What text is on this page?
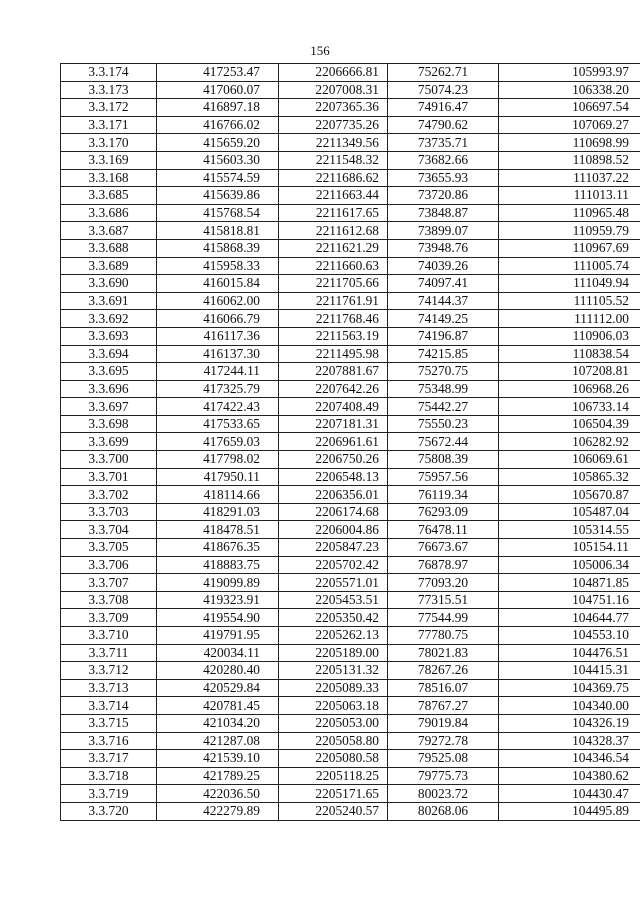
156
3.3.174	417253.47	2206666.81	75262.71	105993.97
3.3.173	417060.07	2207008.31	75074.23	106338.20
3.3.172	416897.18	2207365.36	74916.47	106697.54
3.3.171	416766.02	2207735.26	74790.62	107069.27
3.3.170	415659.20	2211349.56	73735.71	110698.99
3.3.169	415603.30	2211548.32	73682.66	110898.52
3.3.168	415574.59	2211686.62	73655.93	111037.22
3.3.685	415639.86	2211663.44	73720.86	111013.11
3.3.686	415768.54	2211617.65	73848.87	110965.48
3.3.687	415818.81	2211612.68	73899.07	110959.79
3.3.688	415868.39	2211621.29	73948.76	110967.69
3.3.689	415958.33	2211660.63	74039.26	111005.74
3.3.690	416015.84	2211705.66	74097.41	111049.94
3.3.691	416062.00	2211761.91	74144.37	111105.52
3.3.692	416066.79	2211768.46	74149.25	111112.00
3.3.693	416117.36	2211563.19	74196.87	110906.03
3.3.694	416137.30	2211495.98	74215.85	110838.54
3.3.695	417244.11	2207881.67	75270.75	107208.81
3.3.696	417325.79	2207642.26	75348.99	106968.26
3.3.697	417422.43	2207408.49	75442.27	106733.14
3.3.698	417533.65	2207181.31	75550.23	106504.39
3.3.699	417659.03	2206961.61	75672.44	106282.92
3.3.700	417798.02	2206750.26	75808.39	106069.61
3.3.701	417950.11	2206548.13	75957.56	105865.32
3.3.702	418114.66	2206356.01	76119.34	105670.87
3.3.703	418291.03	2206174.68	76293.09	105487.04
3.3.704	418478.51	2206004.86	76478.11	105314.55
3.3.705	418676.35	2205847.23	76673.67	105154.11
3.3.706	418883.75	2205702.42	76878.97	105006.34
3.3.707	419099.89	2205571.01	77093.20	104871.85
3.3.708	419323.91	2205453.51	77315.51	104751.16
3.3.709	419554.90	2205350.42	77544.99	104644.77
3.3.710	419791.95	2205262.13	77780.75	104553.10
3.3.711	420034.11	2205189.00	78021.83	104476.51
3.3.712	420280.40	2205131.32	78267.26	104415.31
3.3.713	420529.84	2205089.33	78516.07	104369.75
3.3.714	420781.45	2205063.18	78767.27	104340.00
3.3.715	421034.20	2205053.00	79019.84	104326.19
3.3.716	421287.08	2205058.80	79272.78	104328.37
3.3.717	421539.10	2205080.58	79525.08	104346.54
3.3.718	421789.25	2205118.25	79775.73	104380.62
3.3.719	422036.50	2205171.65	80023.72	104430.47
3.3.720	422279.89	2205240.57	80268.06	104495.89
